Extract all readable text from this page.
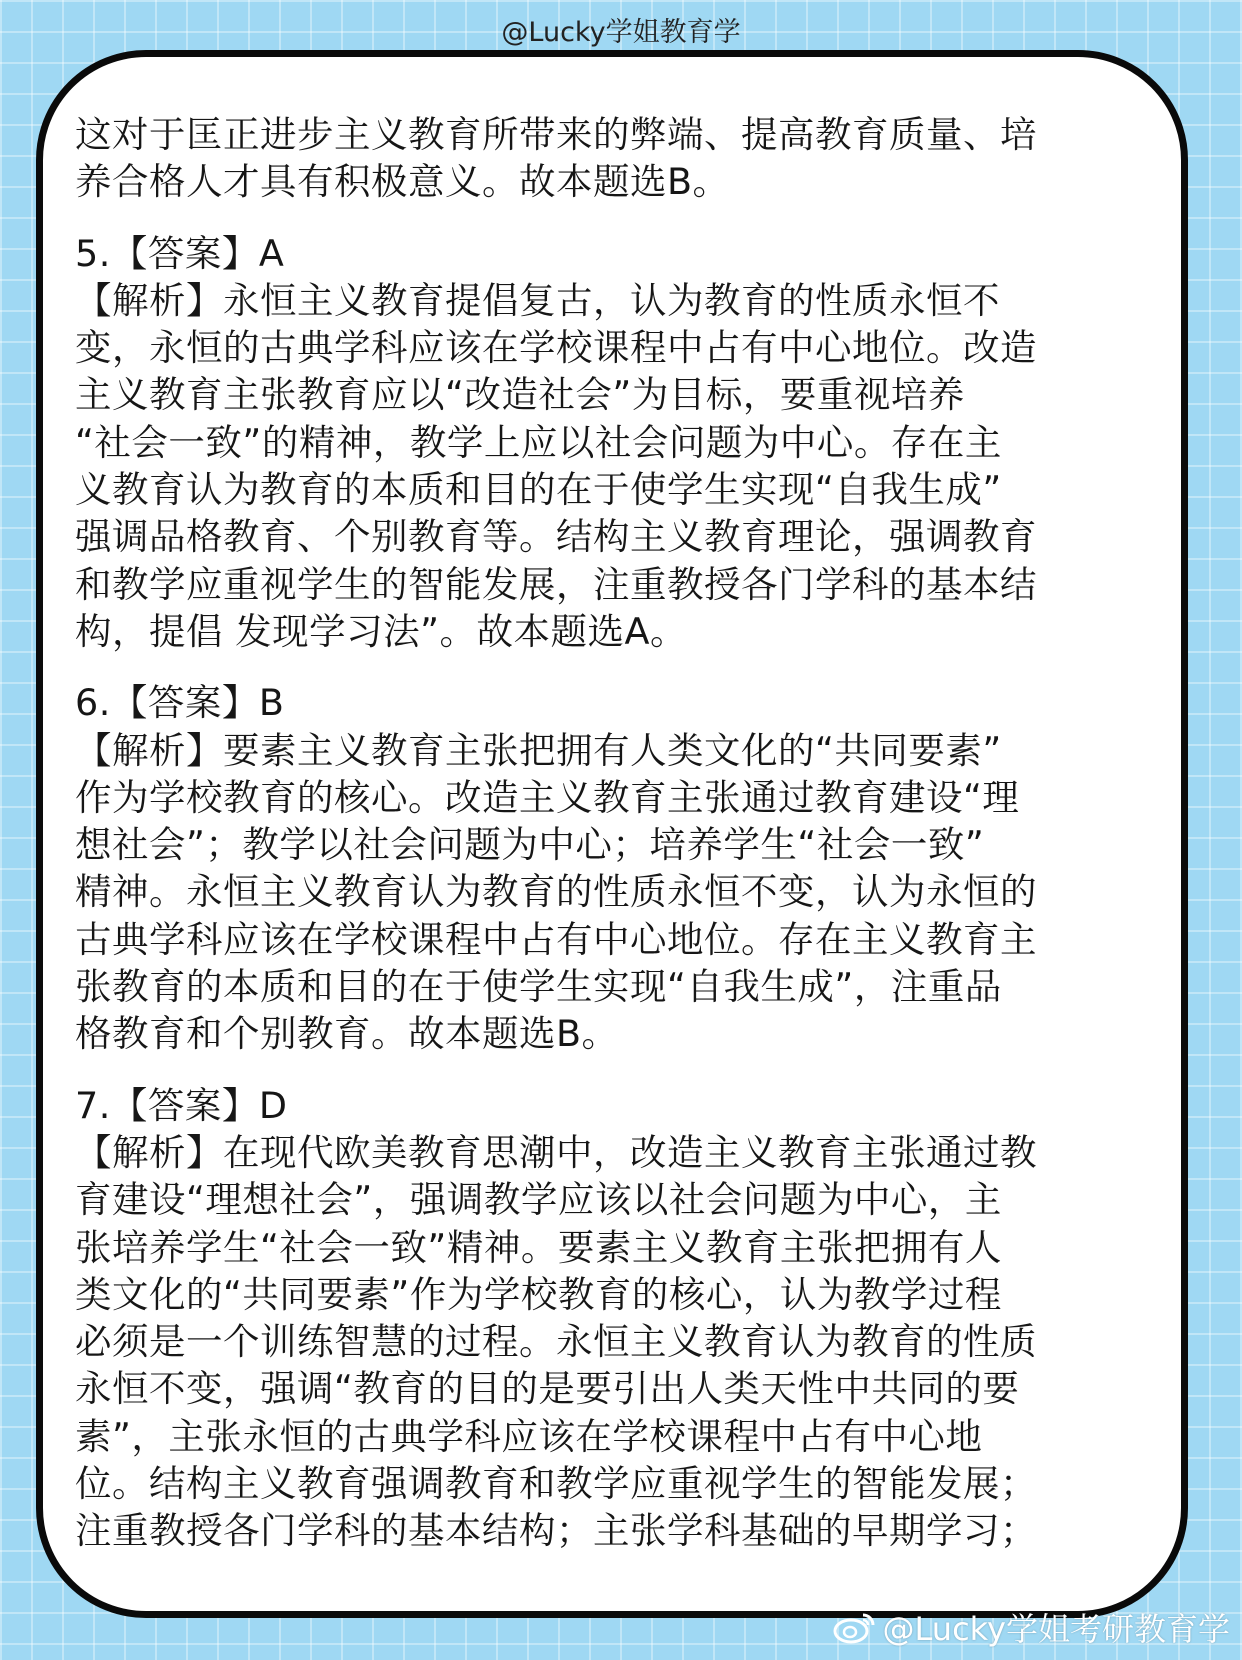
@Lucky学姐教育学
这对于匡正进步主义教育所带来的弊端、提高教育质量、培
养合格人才具有积极意义。故本题选B。
5.【答案】A
【解析】永恒主义教育提倡复古，认为教育的性质永恒不
变，永恒的古典学科应该在学校课程中占有中心地位。改造
主义教育主张教育应以“改造社会”为目标，要重视培养
“社会一致”的精神，教学上应以社会问题为中心。存在主
义教育认为教育的本质和目的在于使学生实现“自我生成”
强调品格教育、个别教育等。结构主义教育理论，强调教育
和教学应重视学生的智能发展，注重教授各门学科的基本结
构，提倡 发现学习法”。故本题选A。
6.【答案】B
【解析】要素主义教育主张把拥有人类文化的“共同要素”
作为学校教育的核心。改造主义教育主张通过教育建设“理
想社会”；教学以社会问题为中心；培养学生“社会一致”
精神。永恒主义教育认为教育的性质永恒不变，认为永恒的
古典学科应该在学校课程中占有中心地位。存在主义教育主
张教育的本质和目的在于使学生实现“自我生成”，注重品
格教育和个别教育。故本题选B。
7.【答案】D
【解析】在现代欧美教育思潮中，改造主义教育主张通过教
育建设“理想社会”，强调教学应该以社会问题为中心，主
张培养学生“社会一致”精神。要素主义教育主张把拥有人
类文化的“共同要素”作为学校教育的核心，认为教学过程
必须是一个训练智慧的过程。永恒主义教育认为教育的性质
永恒不变，强调“教育的目的是要引出人类天性中共同的要
素”，主张永恒的古典学科应该在学校课程中占有中心地
位。结构主义教育强调教育和教学应重视学生的智能发展；
注重教授各门学科的基本结构；主张学科基础的早期学习；
@Lucky学姐考研教育学
